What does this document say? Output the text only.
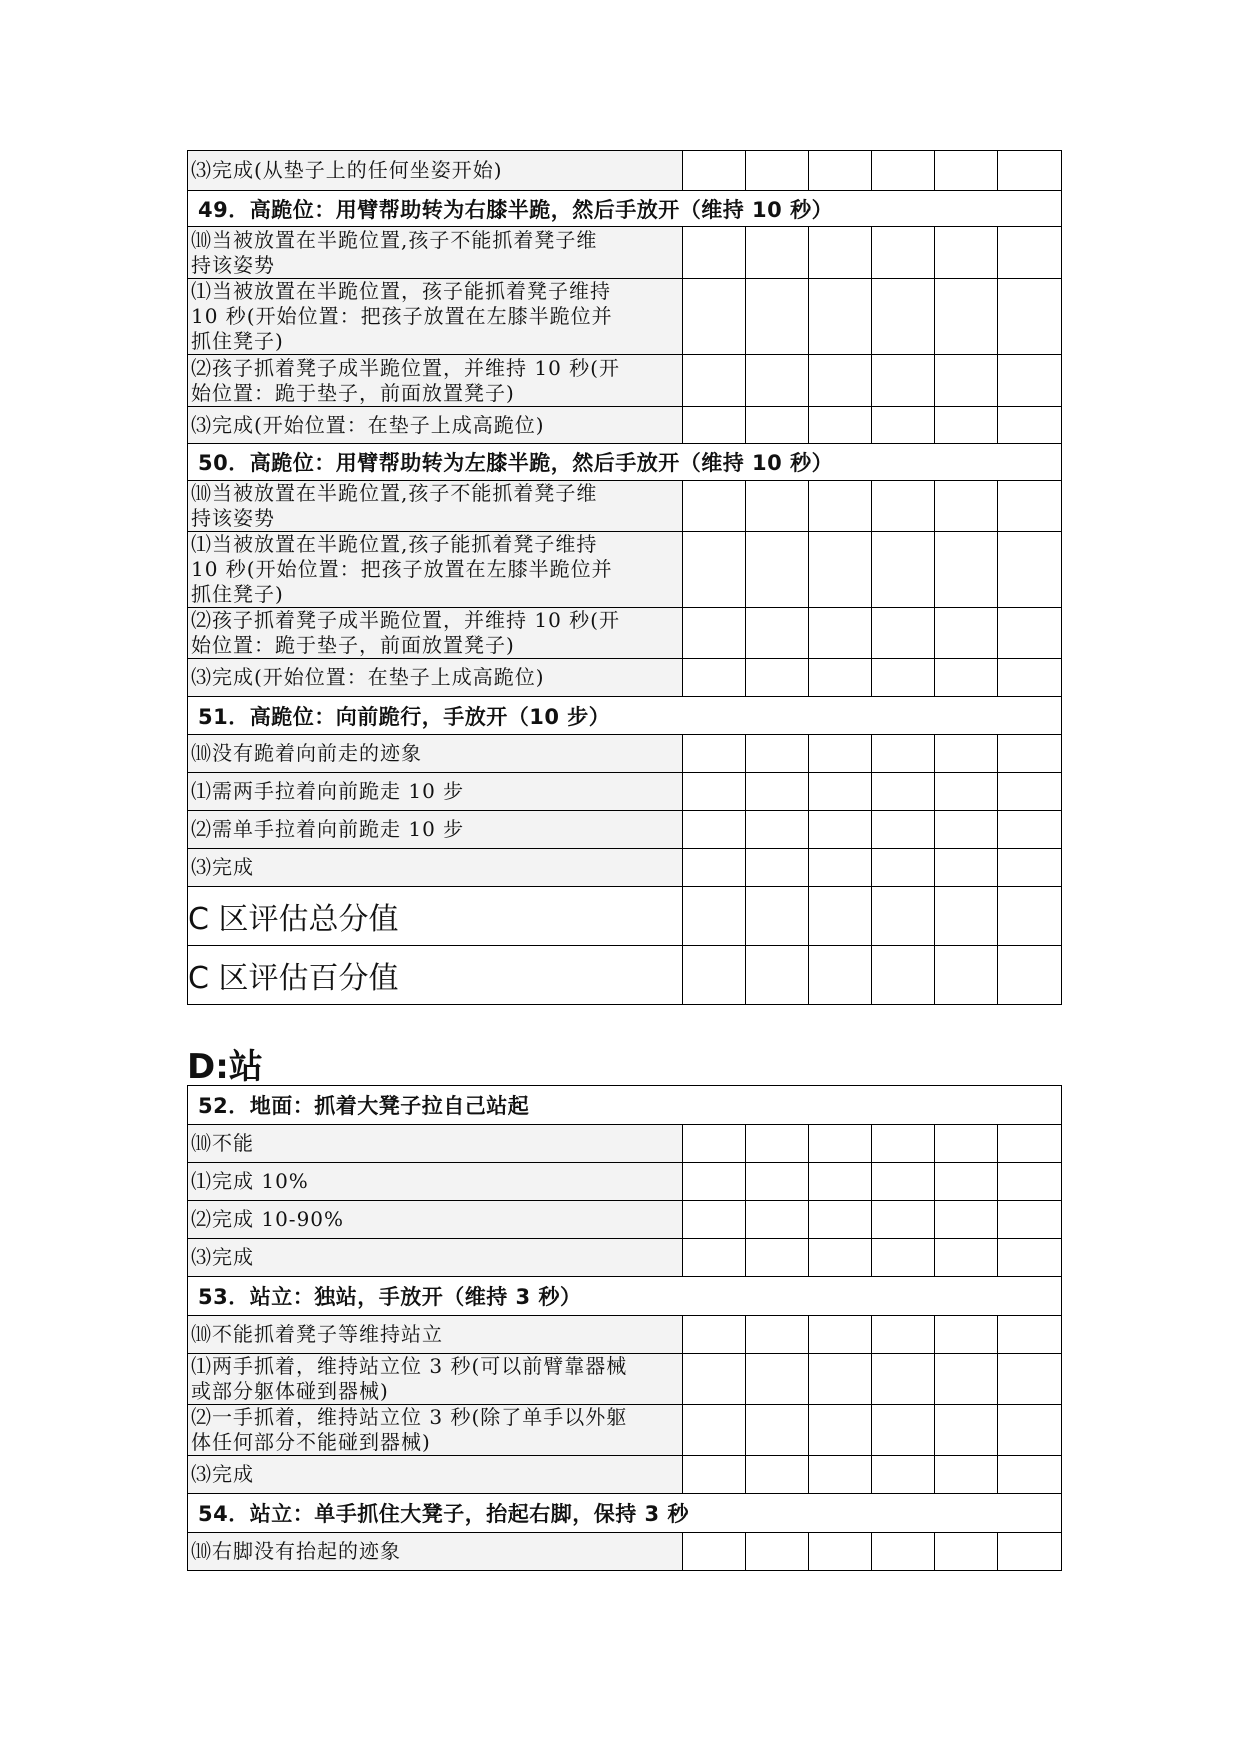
⑶完成(从垫子上的任何坐姿开始)						

49．高跪位：用臂帮助转为右膝半跪，然后手放开（维持 10 秒）						

⑽当被放置在半跪位置,孩子不能抓着凳子维
持该姿势						

⑴当被放置在半跪位置，孩子能抓着凳子维持
10 秒(开始位置：把孩子放置在左膝半跪位并
抓住凳子)						

⑵孩子抓着凳子成半跪位置，并维持 10 秒(开
始位置：跪于垫子，前面放置凳子)						

⑶完成(开始位置：在垫子上成高跪位)						

50．高跪位：用臂帮助转为左膝半跪，然后手放开（维持 10 秒）						

⑽当被放置在半跪位置,孩子不能抓着凳子维
持该姿势						

⑴当被放置在半跪位置,孩子能抓着凳子维持
10 秒(开始位置：把孩子放置在左膝半跪位并
抓住凳子)						

⑵孩子抓着凳子成半跪位置，并维持 10 秒(开
始位置：跪于垫子，前面放置凳子)						

⑶完成(开始位置：在垫子上成高跪位)						

51．高跪位：向前跪行，手放开（10 步）						

⑽没有跪着向前走的迹象						

⑴需两手拉着向前跪走 10 步						

⑵需单手拉着向前跪走 10 步						

⑶完成						

C 区评估总分值						
C 区评估百分值						
D:站
52．地面：抓着大凳子拉自己站起						

⑽不能						

⑴完成 10%						

⑵完成 10-90%						

⑶完成						

53．站立：独站，手放开（维持 3 秒）						

⑽不能抓着凳子等维持站立						

⑴两手抓着，维持站立位 3 秒(可以前臂靠器械
或部分躯体碰到器械)						

⑵一手抓着，维持站立位 3 秒(除了单手以外躯
体任何部分不能碰到器械)						

⑶完成						

54．站立：单手抓住大凳子，抬起右脚，保持 3 秒						

⑽右脚没有抬起的迹象						
